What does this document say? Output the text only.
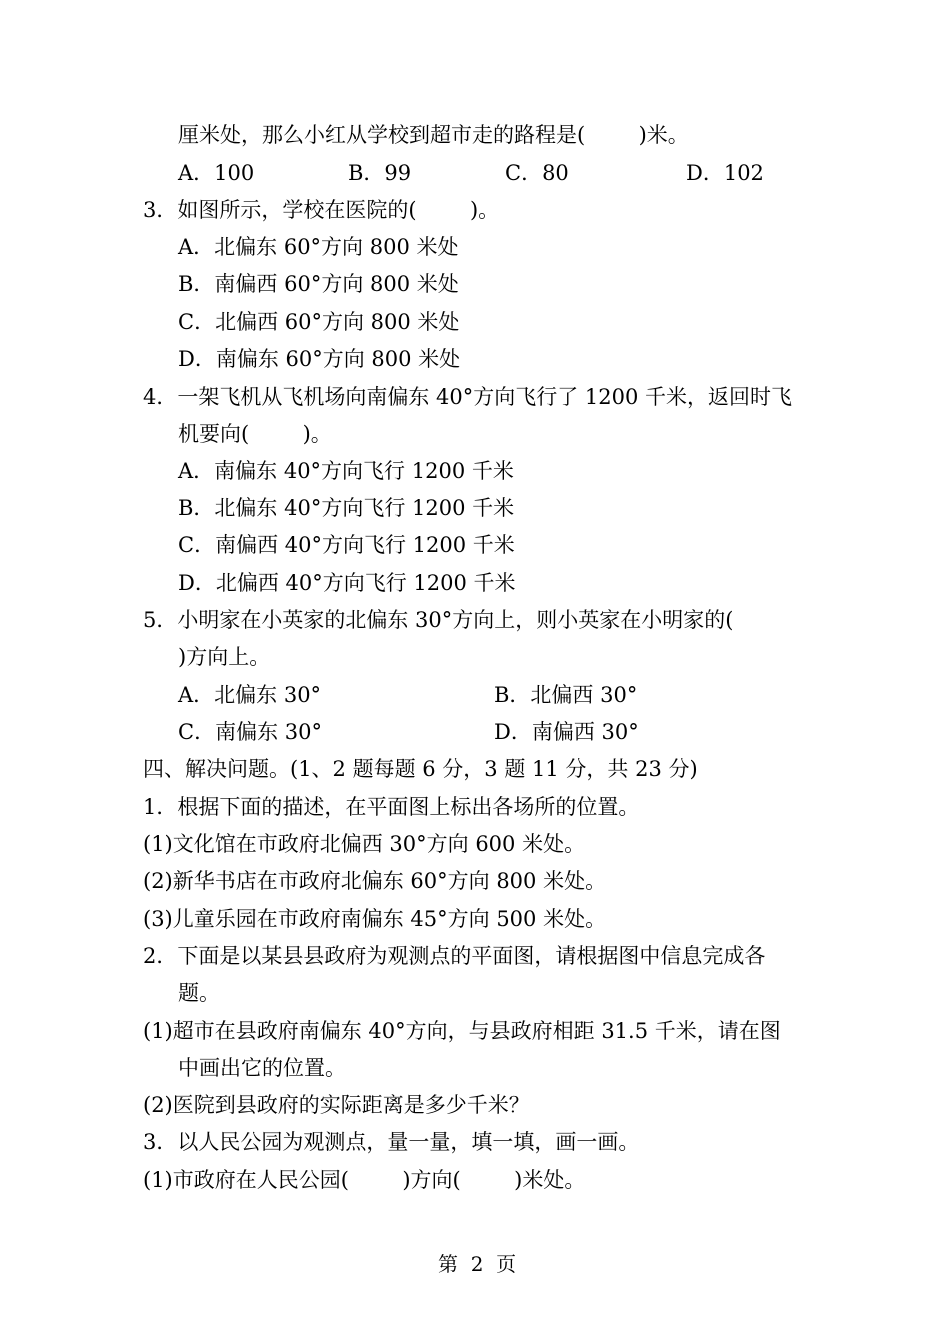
厘米处，那么小红从学校到超市走的路程是(        )米。
A．100	B．99	C．80	D．102
3．如图所示，学校在医院的(        )。
A．北偏东 60°方向 800 米处
B．南偏西 60°方向 800 米处
C．北偏西 60°方向 800 米处
D．南偏东 60°方向 800 米处
4．一架飞机从飞机场向南偏东 40°方向飞行了 1200 千米，返回时飞
机要向(        )。
A．南偏东 40°方向飞行 1200 千米
B．北偏东 40°方向飞行 1200 千米
C．南偏西 40°方向飞行 1200 千米
D．北偏西 40°方向飞行 1200 千米
5．小明家在小英家的北偏东 30°方向上，则小英家在小明家的(
)方向上。
A．北偏东 30°	B．北偏西 30°
C．南偏东 30°	D．南偏西 30°
四、解决问题。(1、2 题每题 6 分，3 题 11 分，共 23 分)
1．根据下面的描述，在平面图上标出各场所的位置。
(1)文化馆在市政府北偏西 30°方向 600 米处。
(2)新华书店在市政府北偏东 60°方向 800 米处。
(3)儿童乐园在市政府南偏东 45°方向 500 米处。
2．下面是以某县县政府为观测点的平面图，请根据图中信息完成各
题。
(1)超市在县政府南偏东 40°方向，与县政府相距 31.5 千米，请在图
中画出它的位置。
(2)医院到县政府的实际距离是多少千米？
3．以人民公园为观测点，量一量，填一填，画一画。
(1)市政府在人民公园(        )方向(        )米处。
第  2  页
